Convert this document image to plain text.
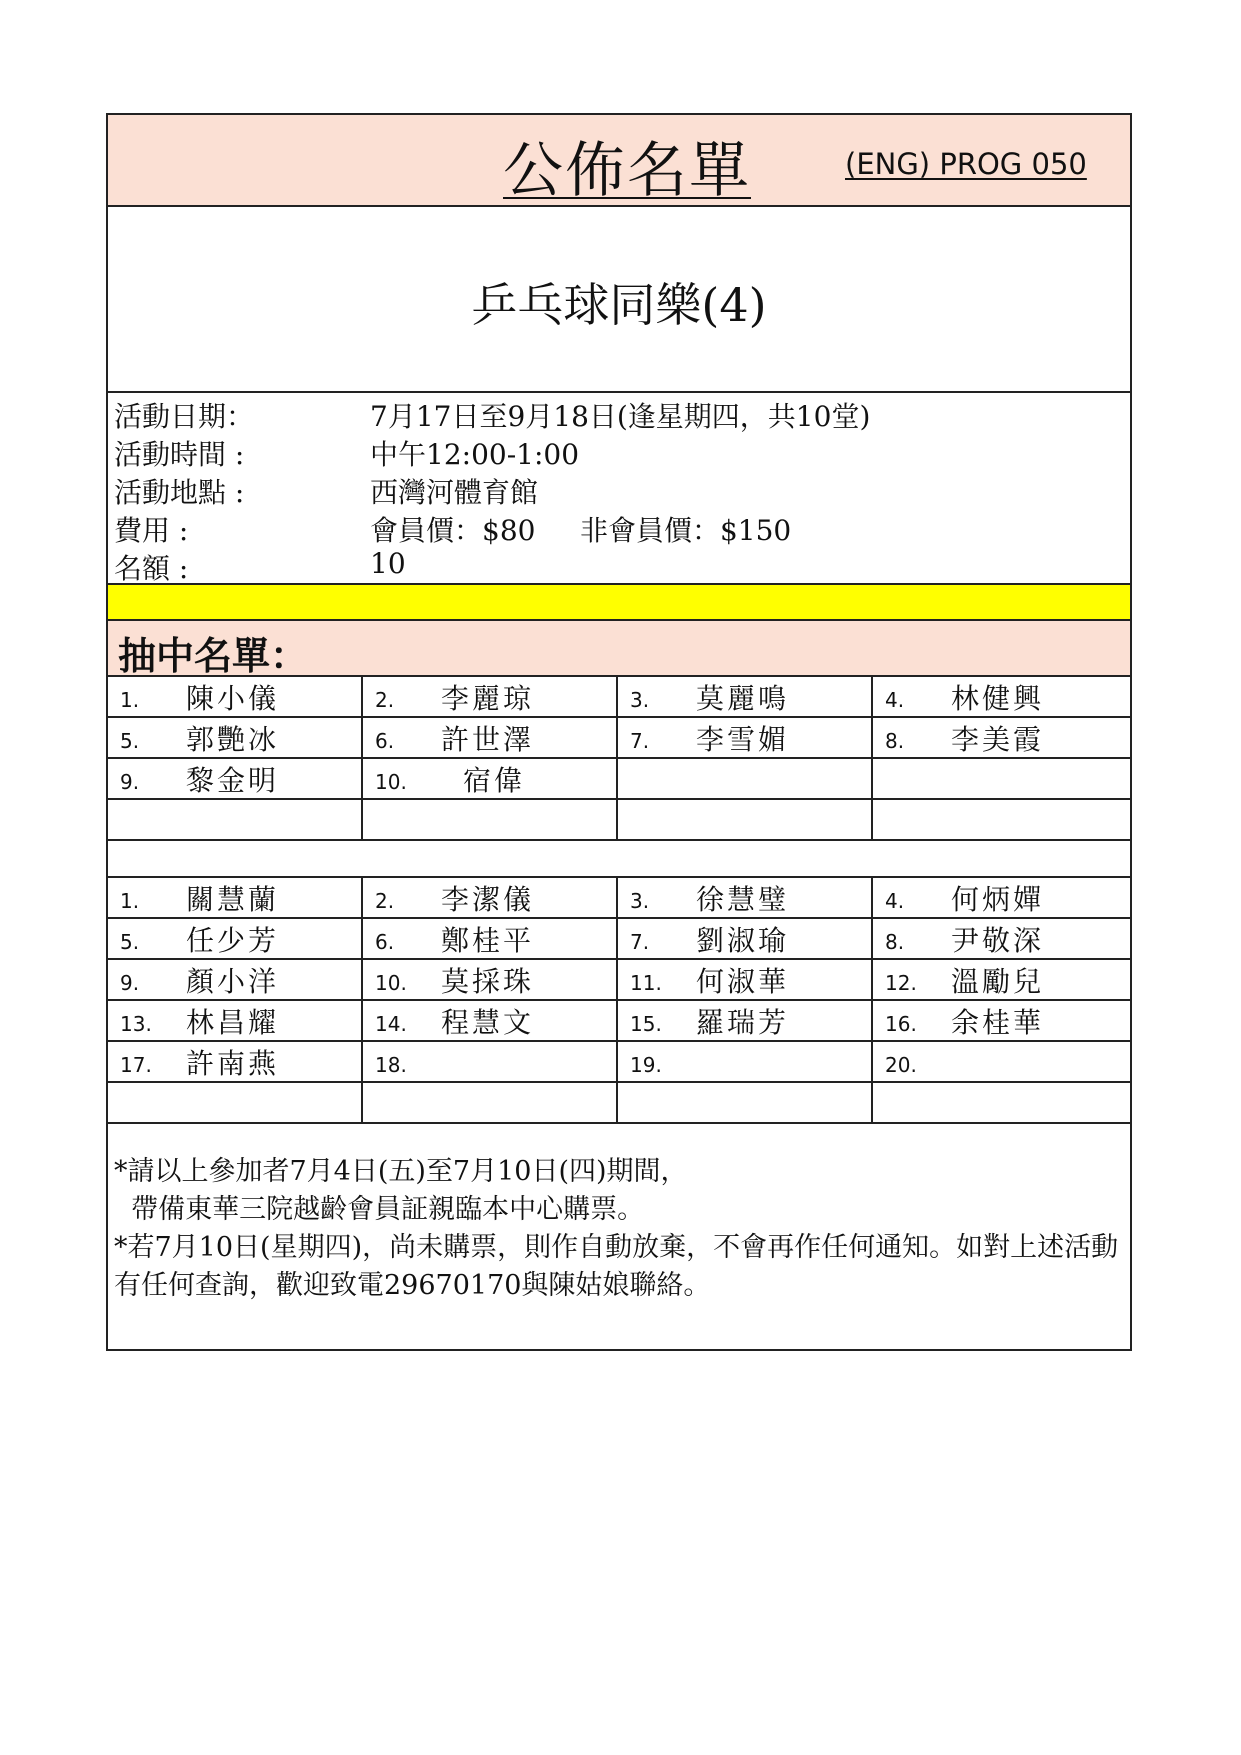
公佈名單	(ENG) PROG 050
乒乓球同樂(4)
活動日期：	7月17日至9月18日(逢星期四，共10堂)
活動時間 :	中午12:00-1:00
活動地點 :	西灣河體育館
費用 :	會員價：$80     非會員價：$150
名額 :	10
抽中名單：
1. 陳小儀	2. 李麗琼	3. 莫麗鳴	4. 林健興
5. 郭艷冰	6. 許世澤	7. 李雪媚	8. 李美霞
9. 黎金明	10. 宿偉
1. 關慧蘭	2. 李潔儀	3. 徐慧璧	4. 何炳嬋
5. 任少芳	6. 鄭桂平	7. 劉淑瑜	8. 尹敬深
9. 顏小洋	10. 莫採珠	11. 何淑華	12. 溫勵兒
13. 林昌耀	14. 程慧文	15. 羅瑞芳	16. 余桂華
17. 許南燕	18.	19.	20.

*請以上參加者7月4日(五)至7月10日(四)期間，

帶備東華三院越齡會員証親臨本中心購票。

*若7月10日(星期四)，尚未購票，則作自動放棄，不會再作任何通知。如對上述活動有任何查詢，歡迎致電29670170與陳姑娘聯絡。
